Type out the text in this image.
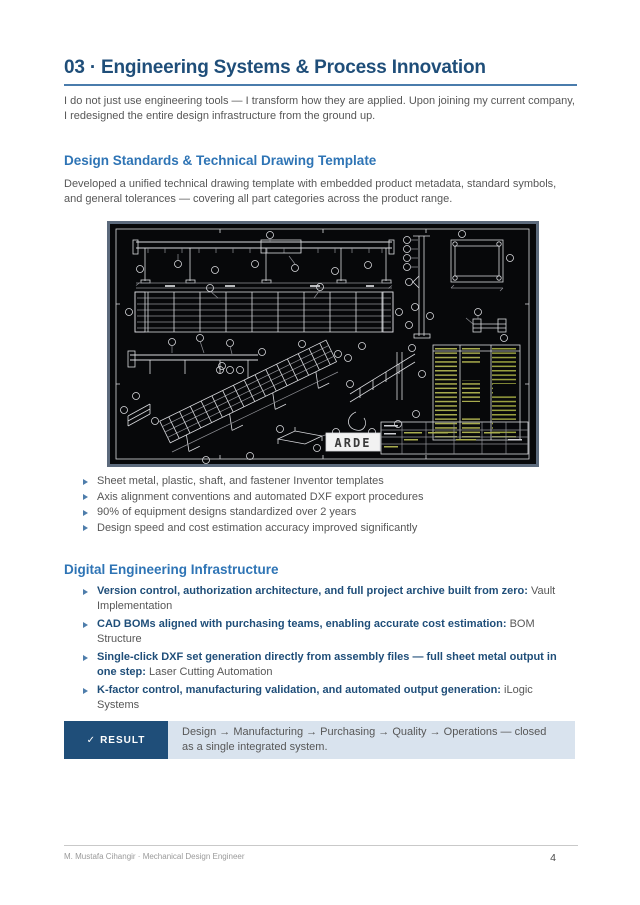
03 · Engineering Systems & Process Innovation

I do not just use engineering tools — I transform how they are applied. Upon joining my current company, I redesigned the entire design infrastructure from the ground up.

Design Standards & Technical Drawing Template

Developed a unified technical drawing template with embedded product metadata, standard symbols, and general tolerances — covering all part categories across the product range.

ARDE
Sheet metal, plastic, shaft, and fastener Inventor templates
Axis alignment conventions and automated DXF export procedures
90% of equipment designs standardized over 2 years
Design speed and cost estimation accuracy improved significantly
Digital Engineering Infrastructure
Version control, authorization architecture, and full project archive built from zero: Vault Implementation
CAD BOMs aligned with purchasing teams, enabling accurate cost estimation: BOM Structure
Single-click DXF set generation directly from assembly files — full sheet metal output in one step: Laser Cutting Automation
K-factor control, manufacturing validation, and automated output generation: iLogic Systems
✓ RESULT
Design → Manufacturing → Purchasing → Quality → Operations — closed as a single integrated system.
M. Mustafa Cihangir · Mechanical Design Engineer	4
